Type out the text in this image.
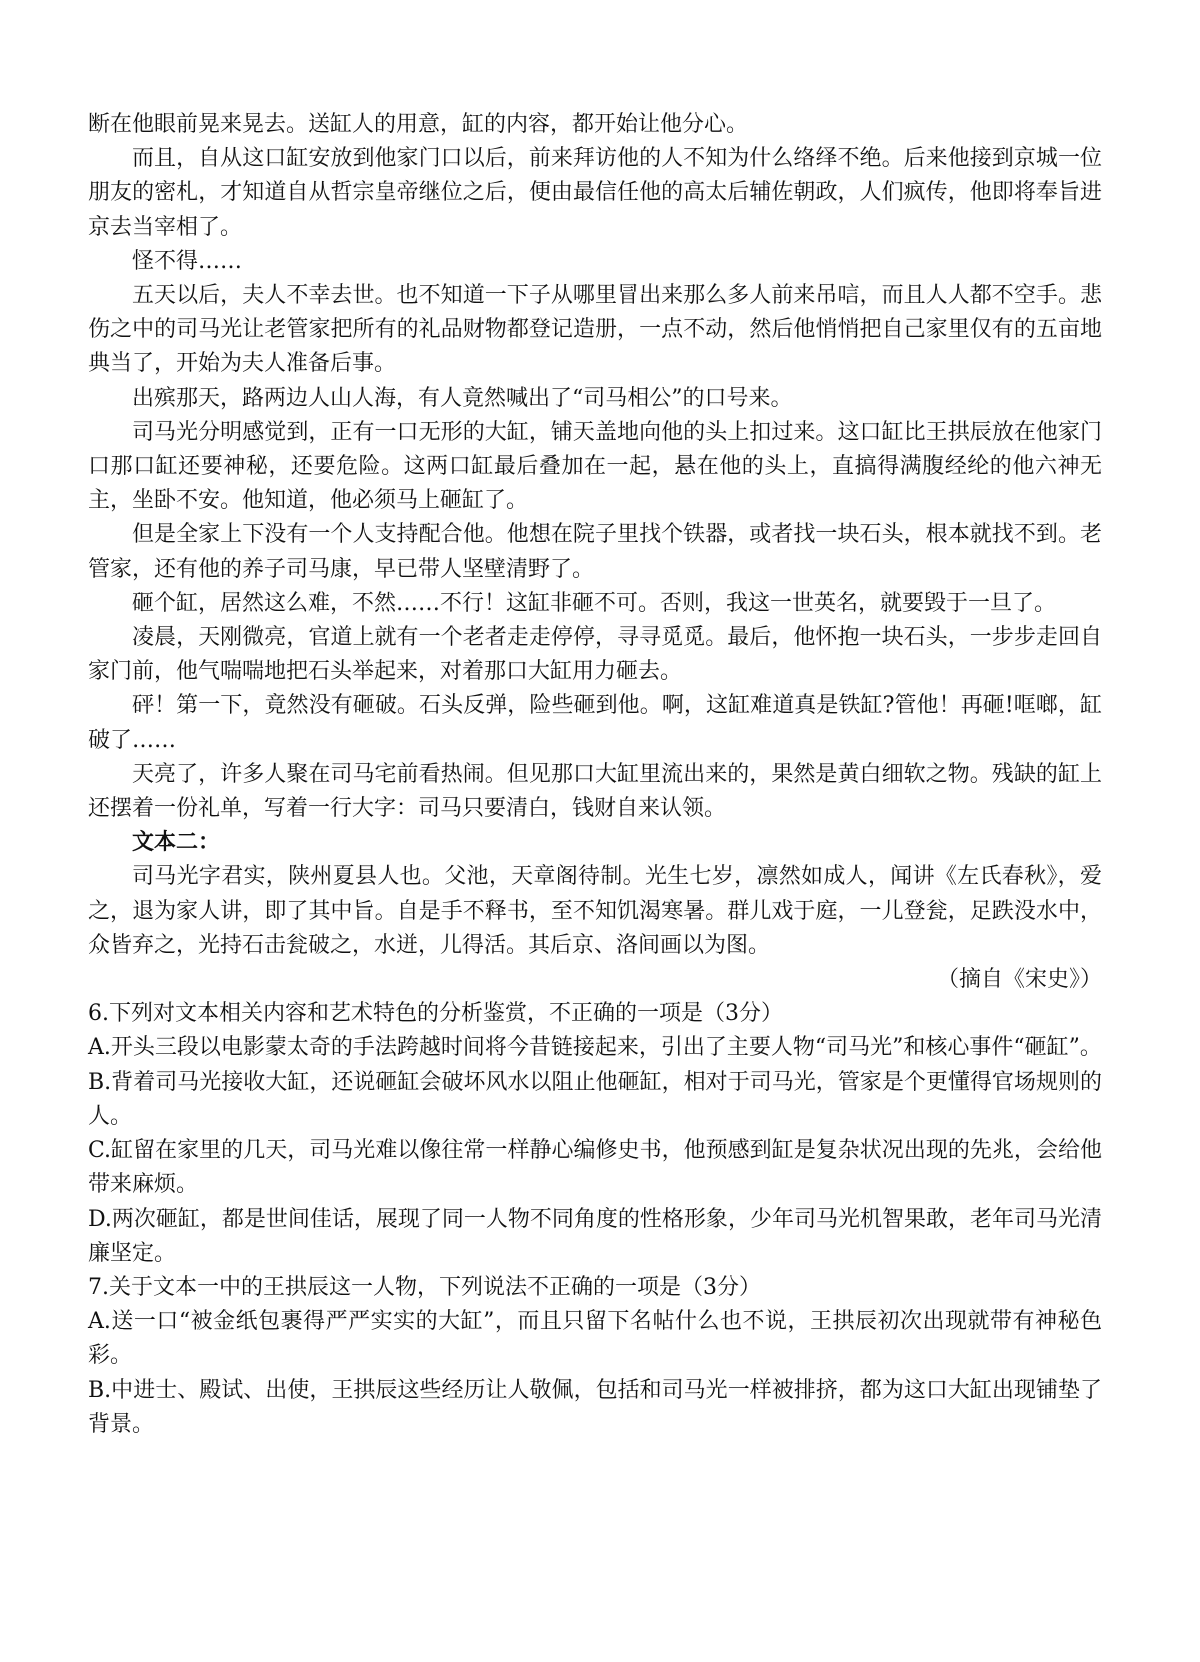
断在他眼前晃来晃去。送缸人的用意，缸的内容，都开始让他分心。

而且，自从这口缸安放到他家门口以后，前来拜访他的人不知为什么络绎不绝。后来他接到京城一位朋友的密札，才知道自从哲宗皇帝继位之后，便由最信任他的高太后辅佐朝政，人们疯传，他即将奉旨进京去当宰相了。

怪不得……

五天以后，夫人不幸去世。也不知道一下子从哪里冒出来那么多人前来吊唁，而且人人都不空手。悲伤之中的司马光让老管家把所有的礼品财物都登记造册，一点不动，然后他悄悄把自己家里仅有的五亩地典当了，开始为夫人准备后事。

出殡那天，路两边人山人海，有人竟然喊出了“司马相公”的口号来。

司马光分明感觉到，正有一口无形的大缸，铺天盖地向他的头上扣过来。这口缸比王拱辰放在他家门口那口缸还要神秘，还要危险。这两口缸最后叠加在一起，悬在他的头上，直搞得满腹经纶的他六神无主，坐卧不安。他知道，他必须马上砸缸了。

但是全家上下没有一个人支持配合他。他想在院子里找个铁器，或者找一块石头，根本就找不到。老管家，还有他的养子司马康，早已带人坚壁清野了。

砸个缸，居然这么难，不然……不行！这缸非砸不可。否则，我这一世英名，就要毁于一旦了。

凌晨，天刚微亮，官道上就有一个老者走走停停，寻寻觅觅。最后，他怀抱一块石头，一步步走回自家门前，他气喘喘地把石头举起来，对着那口大缸用力砸去。

砰！第一下，竟然没有砸破。石头反弹，险些砸到他。啊，这缸难道真是铁缸?管他！再砸!哐啷，缸破了……

天亮了，许多人聚在司马宅前看热闹。但见那口大缸里流出来的，果然是黄白细软之物。残缺的缸上还摆着一份礼单，写着一行大字：司马只要清白，钱财自来认领。

文本二：

司马光字君实，陕州夏县人也。父池，天章阁待制。光生七岁，凛然如成人，闻讲《左氏春秋》，爱之，退为家人讲，即了其中旨。自是手不释书，至不知饥渴寒暑。群儿戏于庭，一儿登瓮，足跌没水中，众皆弃之，光持石击瓮破之，水迸，儿得活。其后京、洛间画以为图。

（摘自《宋史》）

6.下列对文本相关内容和艺术特色的分析鉴赏，不正确的一项是（3分）

A.开头三段以电影蒙太奇的手法跨越时间将今昔链接起来，引出了主要人物“司马光”和核心事件“砸缸”。

B.背着司马光接收大缸，还说砸缸会破坏风水以阻止他砸缸，相对于司马光，管家是个更懂得官场规则的人。

C.缸留在家里的几天，司马光难以像往常一样静心编修史书，他预感到缸是复杂状况出现的先兆，会给他带来麻烦。

D.两次砸缸，都是世间佳话，展现了同一人物不同角度的性格形象，少年司马光机智果敢，老年司马光清廉坚定。

7.关于文本一中的王拱辰这一人物，下列说法不正确的一项是（3分）

A.送一口“被金纸包裹得严严实实的大缸”，而且只留下名帖什么也不说，王拱辰初次出现就带有神秘色彩。

B.中进士、殿试、出使，王拱辰这些经历让人敬佩，包括和司马光一样被排挤，都为这口大缸出现铺垫了背景。
